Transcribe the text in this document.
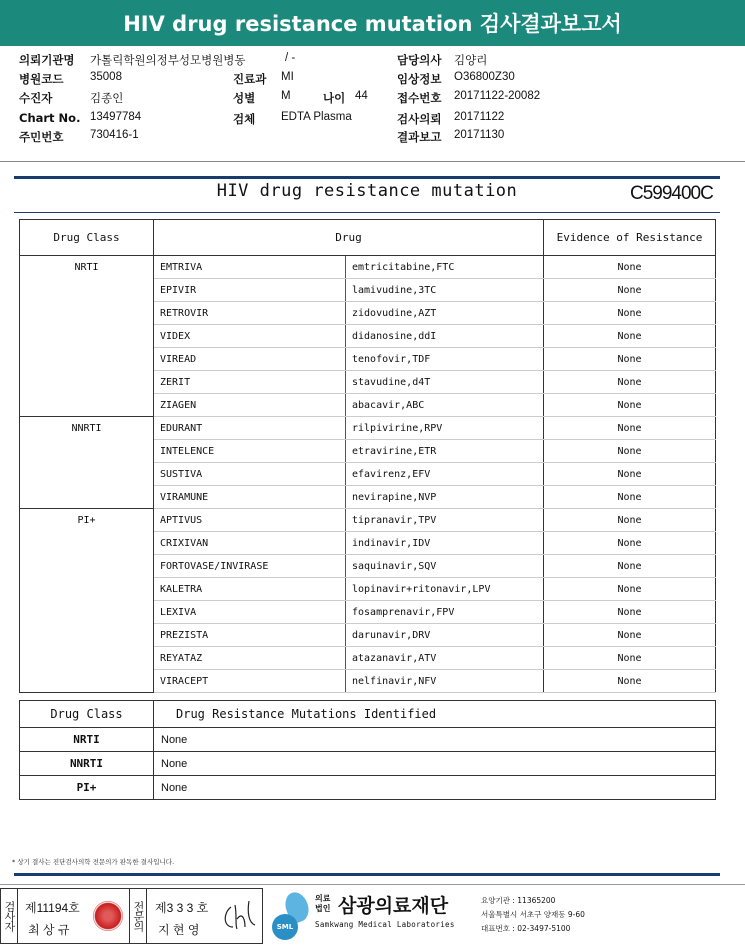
HIV drug resistance mutation 검사결과보고서
의뢰기관명 가톨릭학원의정부성모병원병동	/ -	담당의사 김양리
병원코드 35008	진료과 MI	임상정보 O36800Z30
수진자	김종인	성별 M	나이 44	접수번호 20171122-20082
Chart No. 13497784	검체 EDTA Plasma	검사의뢰 20171122
주민번호 730416-1	결과보고 20171130
HIV drug resistance mutation	C599400C
Drug Class	Drug		Evidence of Resistance
NRTI	EMTRIVA	emtricitabine,FTC	None
	EPIVIR	lamivudine,3TC	None
	RETROVIR	zidovudine,AZT	None
	VIDEX	didanosine,ddI	None
	VIREAD	tenofovir,TDF	None
	ZERIT	stavudine,d4T	None
	ZIAGEN	abacavir,ABC	None
NNRTI	EDURANT	rilpivirine,RPV	None
	INTELENCE	etravirine,ETR	None
	SUSTIVA	efavirenz,EFV	None
	VIRAMUNE	nevirapine,NVP	None
PI+	APTIVUS	tipranavir,TPV	None
	CRIXIVAN	indinavir,IDV	None
	FORTOVASE/INVIRASE	saquinavir,SQV	None
	KALETRA	lopinavir+ritonavir,LPV	None
	LEXIVA	fosamprenavir,FPV	None
	PREZISTA	darunavir,DRV	None
	REYATAZ	atazanavir,ATV	None
	VIRACEPT	nelfinavir,NFV	None
Drug Class	Drug Resistance Mutations Identified
NRTI	None
NNRTI	None
PI+	None
* 상기 결사는 진단검사의학 전문의가 판독한 결사입니다.
검사자 제11194호
최 상 규	전문의 제3 3 3 호
지 현 영	SML
의료
법인 삼광의료재단
Samkwang Medical Laboratories
요양기관 : 11365200
서울특별시 서초구 양재동 9-60
대표번호 : 02-3497-5100
